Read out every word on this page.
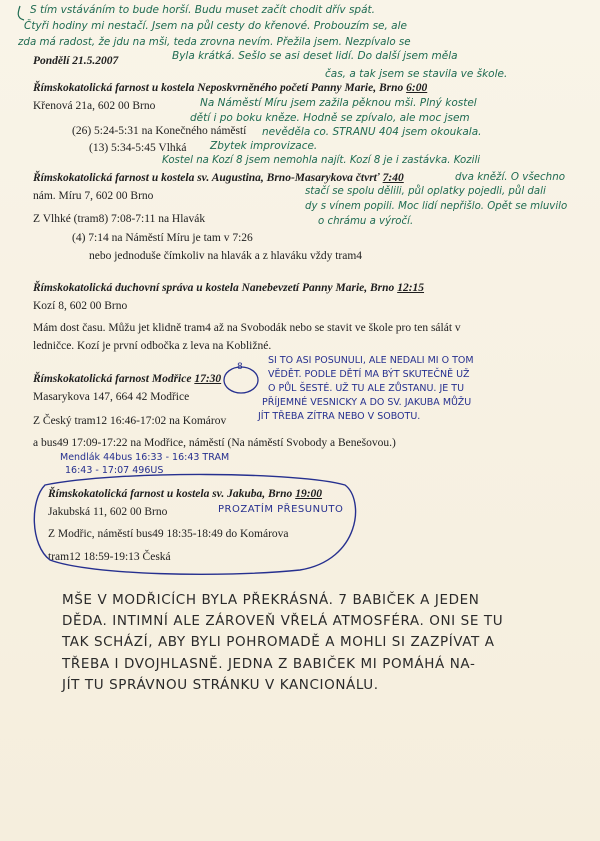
S tím vstáváním to bude horší. Budu muset začít chodit dřív spát.
Čtyři hodiny mi nestačí. Jsem na půl cesty do křenové. Probouzím se, ale
zda má radost, že jdu na mši, teda zrovna nevím. Přežila jsem. Nezpívalo se
Pondělí 21.5.2007	Byla krátká. Sešlo se asi deset lidí. Do další jsem měla
čas, a tak jsem se stavila ve škole.
Římskokatolická farnost u kostela Neposkvrněného početí Panny Marie, Brno 6:00
Křenová 21a, 602 00 Brno	Na Náměstí Míru jsem zažila pěknou mši. Plný kostel
dětí i po boku kněze. Hodně se zpívalo, ale moc jsem
(26) 5:24-5:31 na Konečného náměstí nevěděla co. STRANU 404 jsem okoukala.
(13) 5:34-5:45 Vlhká Zbytek improvizace.
Kostel na Kozí 8 jsem nemohla najít. Kozí 8 je i zastávka. Kozili
Římskokatolická farnost u kostela sv. Augustina, Brno-Masarykova čtvrť 7:40	dva kněží. O všechno
nám. Míru 7, 602 00 Brno	stačí se spolu dělili, půl oplatky pojedli, půl dali
dy s vínem popili. Moc lidí nepřišlo. Opět se mluvilo
Z Vlhké (tram8) 7:08-7:11 na Hlavák	o chrámu a výročí.
(4) 7:14 na Náměstí Míru je tam v 7:26
nebo jednoduše čímkoliv na hlavák a z hlaváku vždy tram4
Římskokatolická duchovní správa u kostela Nanebevzetí Panny Marie, Brno 12:15
Kozí 8, 602 00 Brno
Mám dost času. Můžu jet klidně tram4 až na Svobodák nebo se stavit ve škole pro ten sálát v
ledničce. Kozí je první odbočka z leva na Kobližné.
SI TO ASI POSUNULI, ALE NEDALI MI O TOM
VĚDĚT. PODLE DĚTÍ MA BÝT SKUTEČNĚ UŽ
Římskokatolická farnost Modřice 17:30
8
O PŮL ŠESTÉ. UŽ TU ALE ZŮSTANU. JE TU
Masarykova 147, 664 42 Modřice	PŘÍJEMNÉ VESNICKY A DO SV. JAKUBA MŮŽU
JÍT TŘEBA ZÍTRA NEBO V SOBOTU.
Z Český tram12 16:46-17:02 na Komárov
a bus49 17:09-17:22 na Modřice, náměstí (Na náměstí Svobody a Benešovou.)
Mendlák 44bus 16:33 - 16:43 TRAM
16:43 - 17:07 496US
Římskokatolická farnost u kostela sv. Jakuba, Brno 19:00
Jakubská 11, 602 00 Brno	PROZATÍM PŘESUNUTO
Z Modřic, náměstí bus49 18:35-18:49 do Komárova
tram12 18:59-19:13 Česká
MŠE V MODŘICÍCH BYLA PŘEKRÁSNÁ. 7 BABIČEK A JEDEN
DĚDA. INTIMNÍ ALE ZÁROVEŇ VŘELÁ ATMOSFÉRA. ONI SE TU
TAK SCHÁZÍ, ABY BYLI POHROMADĚ A MOHLI SI ZAZPÍVAT A
TŘEBA I DVOJHLASNĚ. JEDNA Z BABIČEK MI POMÁHÁ NA-
JÍT TU SPRÁVNOU STRÁNKU V KANCIONÁLU.
